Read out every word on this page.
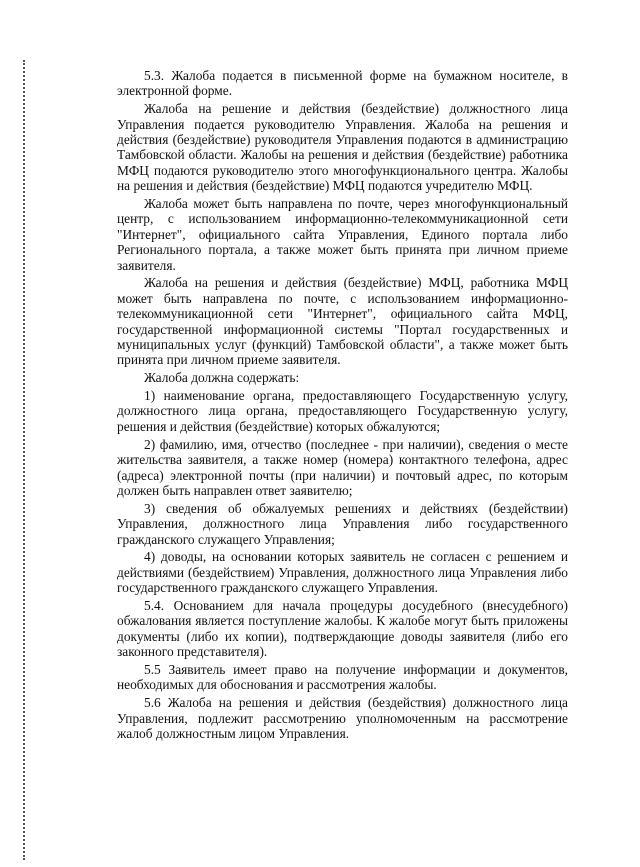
5.3. Жалоба подается в письменной форме на бумажном носителе, в электронной форме.

Жалоба на решение и действия (бездействие) должностного лица Управления подается руководителю Управления. Жалоба на решения и действия (бездействие) руководителя Управления подаются в администрацию Тамбовской области. Жалобы на решения и действия (бездействие) работника МФЦ подаются руководителю этого многофункционального центра. Жалобы на решения и действия (бездействие) МФЦ подаются учредителю МФЦ.

Жалоба может быть направлена по почте, через многофункциональный центр, с использованием информационно-телекоммуникационной сети "Интернет", официального сайта Управления, Единого портала либо Регионального портала, а также может быть принята при личном приеме заявителя.

Жалоба на решения и действия (бездействие) МФЦ, работника МФЦ может быть направлена по почте, с использованием информационно-телекоммуникационной сети "Интернет", официального сайта МФЦ, государственной информационной системы "Портал государственных и муниципальных услуг (функций) Тамбовской области", а также может быть принята при личном приеме заявителя.

Жалоба должна содержать:

1) наименование органа, предоставляющего Государственную услугу, должностного лица органа, предоставляющего Государственную услугу, решения и действия (бездействие) которых обжалуются;

2) фамилию, имя, отчество (последнее - при наличии), сведения о месте жительства заявителя, а также номер (номера) контактного телефона, адрес (адреса) электронной почты (при наличии) и почтовый адрес, по которым должен быть направлен ответ заявителю;

3) сведения об обжалуемых решениях и действиях (бездействии) Управления, должностного лица Управления либо государственного гражданского служащего Управления;

4) доводы, на основании которых заявитель не согласен с решением и действиями (бездействием) Управления, должностного лица Управления либо государственного гражданского служащего Управления.

5.4. Основанием для начала процедуры досудебного (внесудебного) обжалования является поступление жалобы. К жалобе могут быть приложены документы (либо их копии), подтверждающие доводы заявителя (либо его законного представителя).

5.5 Заявитель имеет право на получение информации и документов, необходимых для обоснования и рассмотрения жалобы.

5.6 Жалоба на решения и действия (бездействия) должностного лица Управления, подлежит рассмотрению уполномоченным на рассмотрение жалоб должностным лицом Управления.
